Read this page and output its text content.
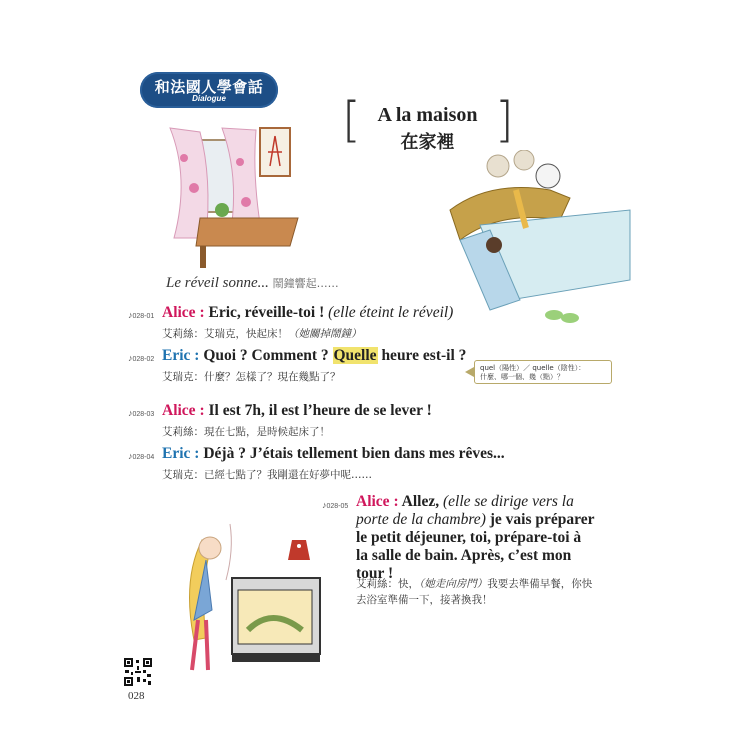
和法國人學會話
Dialogue	[	]
A la maison
在家裡
Le réveil sonne... 鬧鐘響起……
♪028-01 Alice : Eric, réveille-toi ! (elle éteint le réveil)
艾莉絲：艾瑞克，快起床！（她關掉鬧鐘）
♪028-02 Eric : Quoi ? Comment ? Quelle heure est-il ?
艾瑞克：什麼？怎樣了？現在幾點了？
quel（陽性）／ quelle（陰性）：
什麼、哪一個、幾（點）？
♪028-03 Alice : Il est 7h, il est l’heure de se lever !
艾莉絲：現在七點，是時候起床了！
♪028-04 Eric : Déjà ? J’étais tellement bien dans mes rêves...
艾瑞克：已經七點了？我剛還在好夢中呢……
♪028-05 Alice : Allez, (elle se dirige vers la porte de la chambre) je vais préparer le petit déjeuner, toi, prépare-toi à la salle de bain. Après, c’est mon tour !
艾莉絲：快，（她走向房門）我要去準備早餐，你快去浴室準備一下，接著換我！
028
